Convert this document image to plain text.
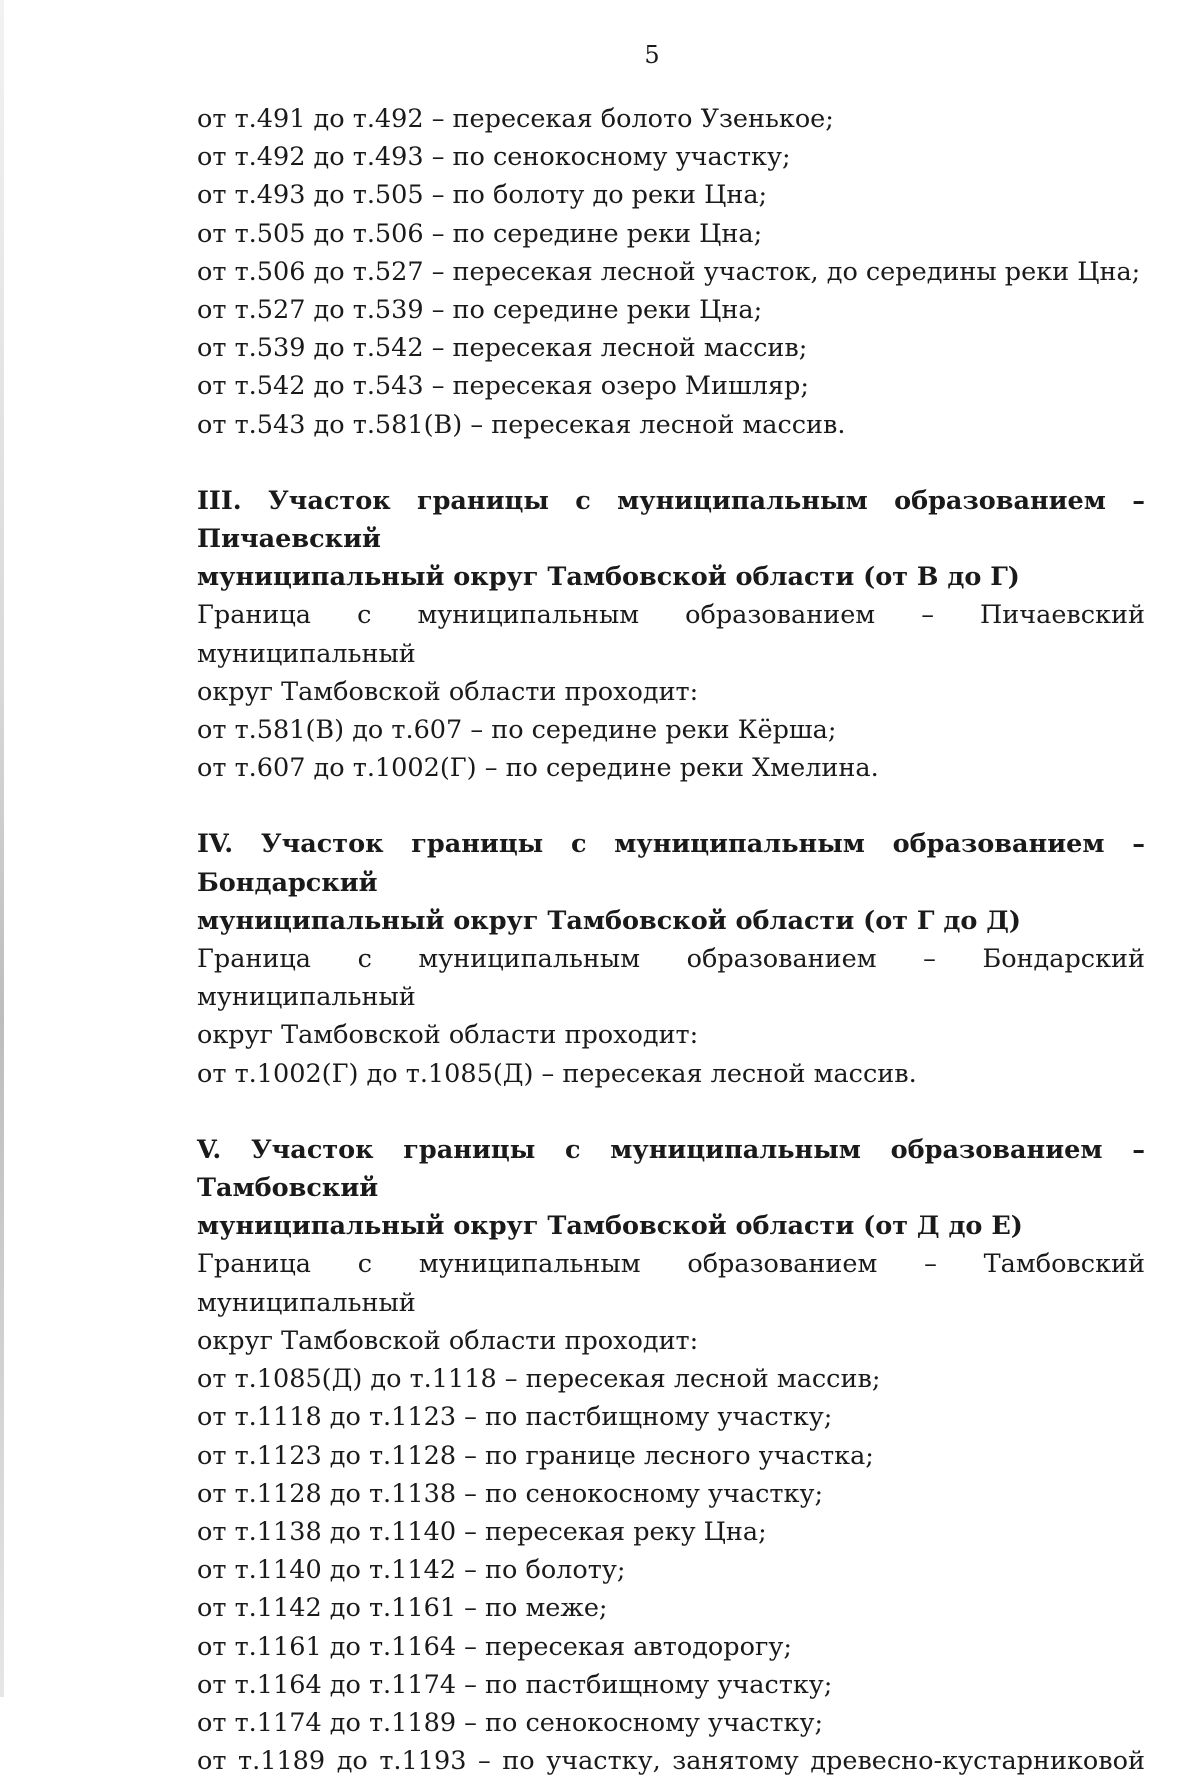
5

от т.491 до т.492 – пересекая болото Узенькое;

от т.492 до т.493 – по сенокосному участку;

от т.493 до т.505 – по болоту до реки Цна;

от т.505 до т.506 – по середине реки Цна;

от т.506 до т.527 – пересекая лесной участок, до середины реки Цна;

от т.527 до т.539 – по середине реки Цна;

от т.539 до т.542 – пересекая лесной массив;

от т.542 до т.543 – пересекая озеро Мишляр;

от т.543 до т.581(В) – пересекая лесной массив.

III. Участок границы с муниципальным образованием – Пичаевский
муниципальный округ Тамбовской области (от В до Г)

Граница с муниципальным образованием – Пичаевский муниципальный
округ Тамбовской области проходит:

от т.581(В) до т.607 – по середине реки Кёрша;

от т.607 до т.1002(Г) – по середине реки Хмелина.

IV. Участок границы с муниципальным образованием – Бондарский
муниципальный округ Тамбовской области (от Г до Д)

Граница с муниципальным образованием – Бондарский муниципальный
округ Тамбовской области проходит:

от т.1002(Г) до т.1085(Д) – пересекая лесной массив.

V. Участок границы с муниципальным образованием – Тамбовский
муниципальный округ Тамбовской области (от Д до Е)

Граница с муниципальным образованием – Тамбовский муниципальный
округ Тамбовской области проходит:

от т.1085(Д) до т.1118 – пересекая лесной массив;

от т.1118 до т.1123 – по пастбищному участку;

от т.1123 до т.1128 – по границе лесного участка;

от т.1128 до т.1138 – по сенокосному участку;

от т.1138 до т.1140 – пересекая реку Цна;

от т.1140 до т.1142 – по болоту;

от т.1142 до т.1161 – по меже;

от т.1161 до т.1164 – пересекая автодорогу;

от т.1164 до т.1174 – по пастбищному участку;

от т.1174 до т.1189 – по сенокосному участку;

от т.1189 до т.1193 – по участку, занятому древесно-кустарниковой
